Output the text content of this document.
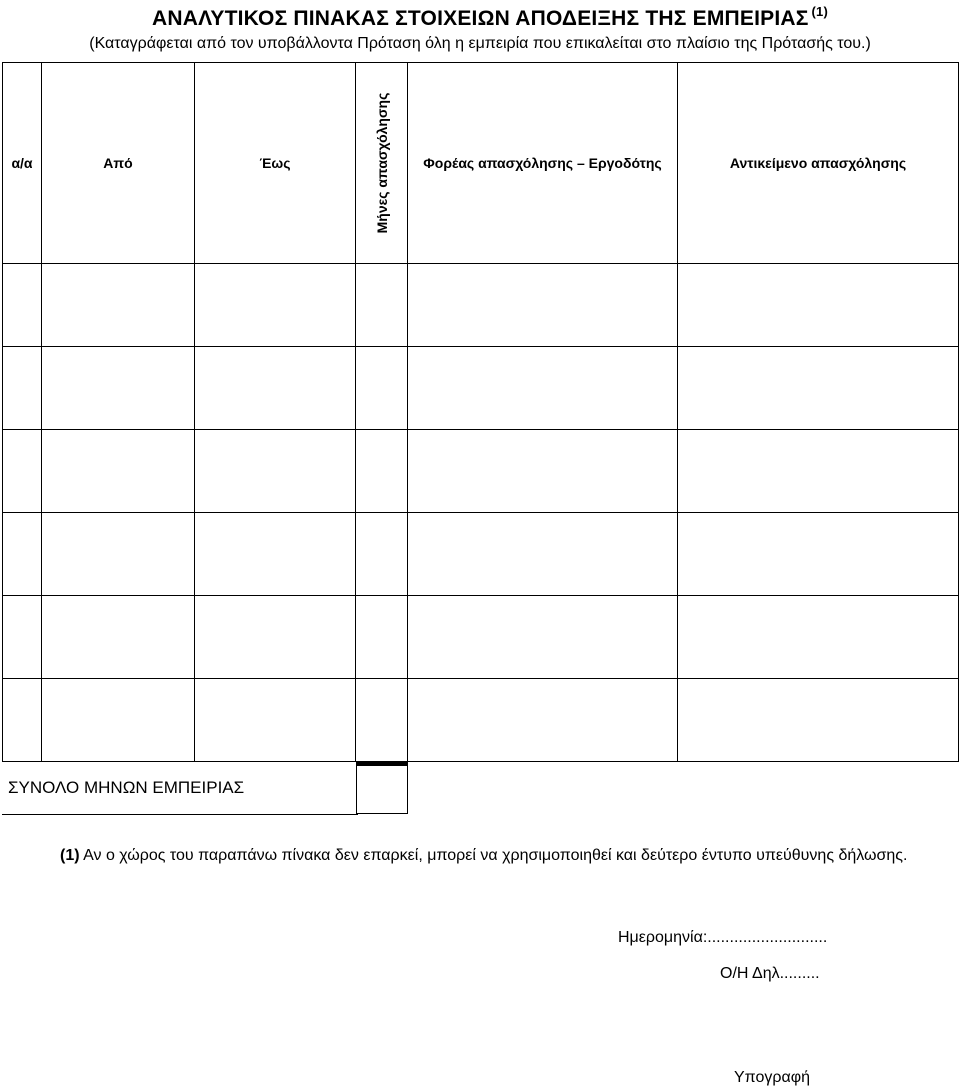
ΑΝΑΛΥΤΙΚΟΣ ΠΙΝΑΚΑΣ ΣΤΟΙΧΕΙΩΝ ΑΠΟΔΕΙΞΗΣ ΤΗΣ ΕΜΠΕΙΡΙΑΣ $^{(1)}$
(Καταγράφεται από τον υποβάλλοντα Πρόταση όλη η εμπειρία που επικαλείται στο πλαίσιο της Πρότασής του.)
α/α	Από	Έως	Μήνες απασχόλησης	Φορέας απασχόλησης – Εργοδότης	Αντικείμενο απασχόλησης

ΣΥΝΟΛΟ ΜΗΝΩΝ ΕΜΠΕΙΡΙΑΣ
(1) Αν ο χώρος του παραπάνω πίνακα δεν επαρκεί, μπορεί να χρησιμοποιηθεί και δεύτερο έντυπο υπεύθυνης δήλωσης.
Ημερομηνία:...........................
Ο/Η Δηλ.........
Υπογραφή
